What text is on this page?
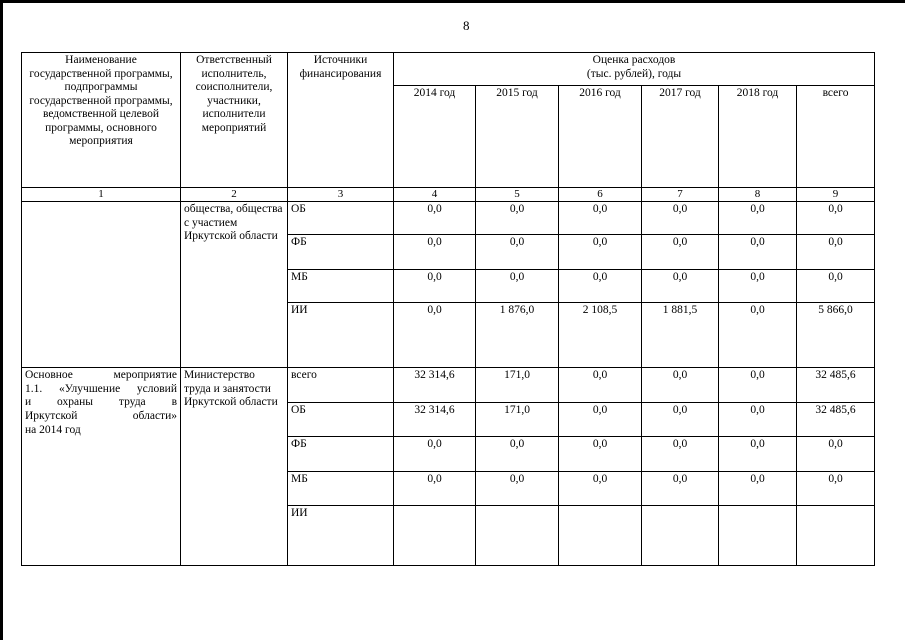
8
Наименование государственной программы, подпрограммы государственной программы, ведомственной целевой программы, основного мероприятия	Ответственный исполнитель, соисполнители, участники, исполнители мероприятий	Источники финансирования	Оценка расходов
(тыс. рублей), годы					

			2014 год	2015 год	2016 год	2017 год	2018 год	всего
1	2	3	4	5	6	7	8	9
	общества, общества с участием Иркутской области	ОБ	0,0	0,0	0,0	0,0	0,0	0,0
		ФБ	0,0	0,0	0,0	0,0	0,0	0,0
		МБ	0,0	0,0	0,0	0,0	0,0	0,0
		ИИ	0,0	1 876,0	2 108,5	1 881,5	0,0	5 866,0

Основное мероприятие
1.1. «Улучшение условий
и охраны труда в
Иркутской области»
на 2014 год	Министерство труда и занятости Иркутской области	всего	32 314,6	171,0	0,0	0,0	0,0	32 485,6
		ОБ	32 314,6	171,0	0,0	0,0	0,0	32 485,6
		ФБ	0,0	0,0	0,0	0,0	0,0	0,0
		МБ	0,0	0,0	0,0	0,0	0,0	0,0
		ИИ						
